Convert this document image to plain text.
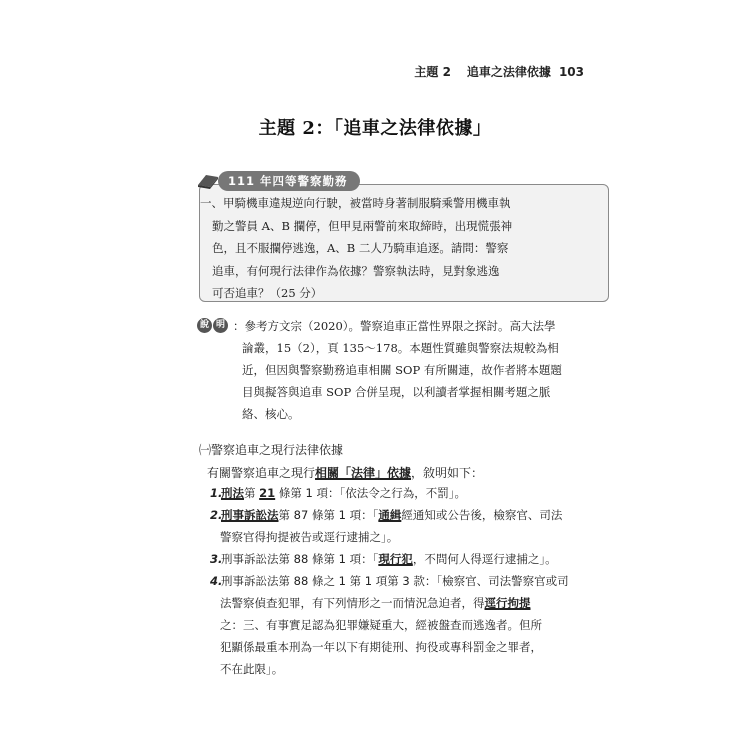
主題 2 追車之法律依據 103
主題 2：「追車之法律依據」
111 年四等警察勤務
一、甲騎機車違規逆向行駛，被當時身著制服騎乘警用機車執
勤之警員 A、B 攔停，但甲見兩警前來取締時，出現慌張神
色，且不服攔停逃逸，A、B 二人乃騎車追逐。請問：警察
追車，有何現行法律作為依據？警察執法時，見對象逃逸
可否追車？（25 分）
說 明 ：參考方文宗（2020）。警察追車正當性界限之探討。高大法學
論叢，15（2），頁 135～178。本題性質雖與警察法規較為相
近，但因與警察勤務追車相關 SOP 有所關連，故作者將本題題
目與擬答與追車 SOP 合併呈現，以利讀者掌握相關考題之脈
絡、核心。
㈠警察追車之現行法律依據
有關警察追車之現行相關「法律」依據，敘明如下：
1.刑法第 21 條第 1 項：「依法令之行為，不罰」。
2.刑事訴訟法第 87 條第 1 項：「通緝經通知或公告後，檢察官、司法
警察官得拘提被告或逕行逮捕之」。
3.刑事訴訟法第 88 條第 1 項：「現行犯，不問何人得逕行逮捕之」。
4.刑事訴訟法第 88 條之 1 第 1 項第 3 款：「檢察官、司法警察官或司
法警察偵查犯罪，有下列情形之一而情況急迫者，得逕行拘提
之：三、有事實足認為犯罪嫌疑重大，經被盤查而逃逸者。但所
犯顯係最重本刑為一年以下有期徒刑、拘役或專科罰金之罪者，
不在此限」。
